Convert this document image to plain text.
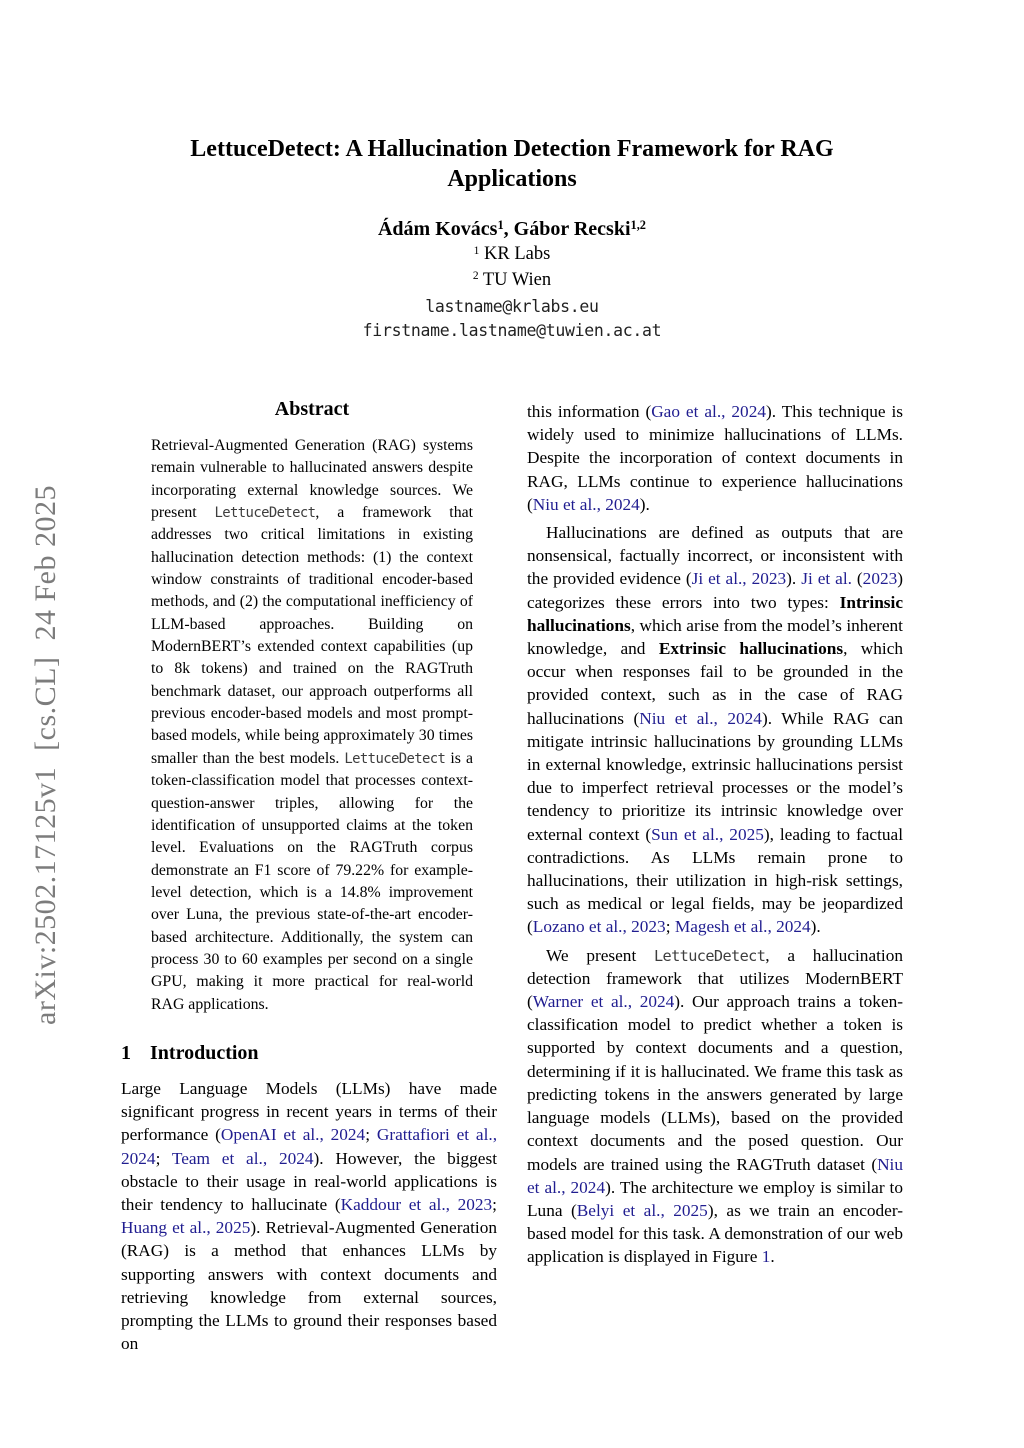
arXiv:2502.17125v1  [cs.CL]  24 Feb 2025
LettuceDetect: A Hallucination Detection Framework for RAG Applications
Ádám Kovács$^1$, Gábor Recski$^{1,2}$
$^1$ KR Labs
$^2$ TU Wien
lastname@krlabs.eu
firstname.lastname@tuwien.ac.at
Abstract

Retrieval-Augmented Generation (RAG) systems remain vulnerable to hallucinated answers despite incorporating external knowledge sources. We present LettuceDetect, a framework that addresses two critical limitations in existing hallucination detection methods: (1) the context window constraints of traditional encoder-based methods, and (2) the computational inefficiency of LLM-based approaches. Building on ModernBERT’s extended context capabilities (up to 8k tokens) and trained on the RAGTruth benchmark dataset, our approach outperforms all previous encoder-based models and most prompt-based models, while being approximately 30 times smaller than the best models. LettuceDetect is a token-classification model that processes context-question-answer triples, allowing for the identification of unsupported claims at the token level. Evaluations on the RAGTruth corpus demonstrate an F1 score of 79.22% for example-level detection, which is a 14.8% improvement over Luna, the previous state-of-the-art encoder-based architecture. Additionally, the system can process 30 to 60 examples per second on a single GPU, making it more practical for real-world RAG applications.

1 Introduction

Large Language Models (LLMs) have made significant progress in recent years in terms of their performance (OpenAI et al., 2024; Grattafiori et al., 2024; Team et al., 2024). However, the biggest obstacle to their usage in real-world applications is their tendency to hallucinate (Kaddour et al., 2023; Huang et al., 2025). Retrieval-Augmented Generation (RAG) is a method that enhances LLMs by supporting answers with context documents and retrieving knowledge from external sources, prompting the LLMs to ground their responses based on

this information (Gao et al., 2024). This technique is widely used to minimize hallucinations of LLMs. Despite the incorporation of context documents in RAG, LLMs continue to experience hallucinations (Niu et al., 2024).

Hallucinations are defined as outputs that are nonsensical, factually incorrect, or inconsistent with the provided evidence (Ji et al., 2023). Ji et al. (2023) categorizes these errors into two types: Intrinsic hallucinations, which arise from the model’s inherent knowledge, and Extrinsic hallucinations, which occur when responses fail to be grounded in the provided context, such as in the case of RAG hallucinations (Niu et al., 2024). While RAG can mitigate intrinsic hallucinations by grounding LLMs in external knowledge, extrinsic hallucinations persist due to imperfect retrieval processes or the model’s tendency to prioritize its intrinsic knowledge over external context (Sun et al., 2025), leading to factual contradictions. As LLMs remain prone to hallucinations, their utilization in high-risk settings, such as medical or legal fields, may be jeopardized (Lozano et al., 2023; Magesh et al., 2024).

We present LettuceDetect, a hallucination detection framework that utilizes ModernBERT (Warner et al., 2024). Our approach trains a token-classification model to predict whether a token is supported by context documents and a question, determining if it is hallucinated. We frame this task as predicting tokens in the answers generated by large language models (LLMs), based on the provided context documents and the posed question. Our models are trained using the RAGTruth dataset (Niu et al., 2024). The architecture we employ is similar to Luna (Belyi et al., 2025), as we train an encoder-based model for this task. A demonstration of our web application is displayed in Figure 1.
